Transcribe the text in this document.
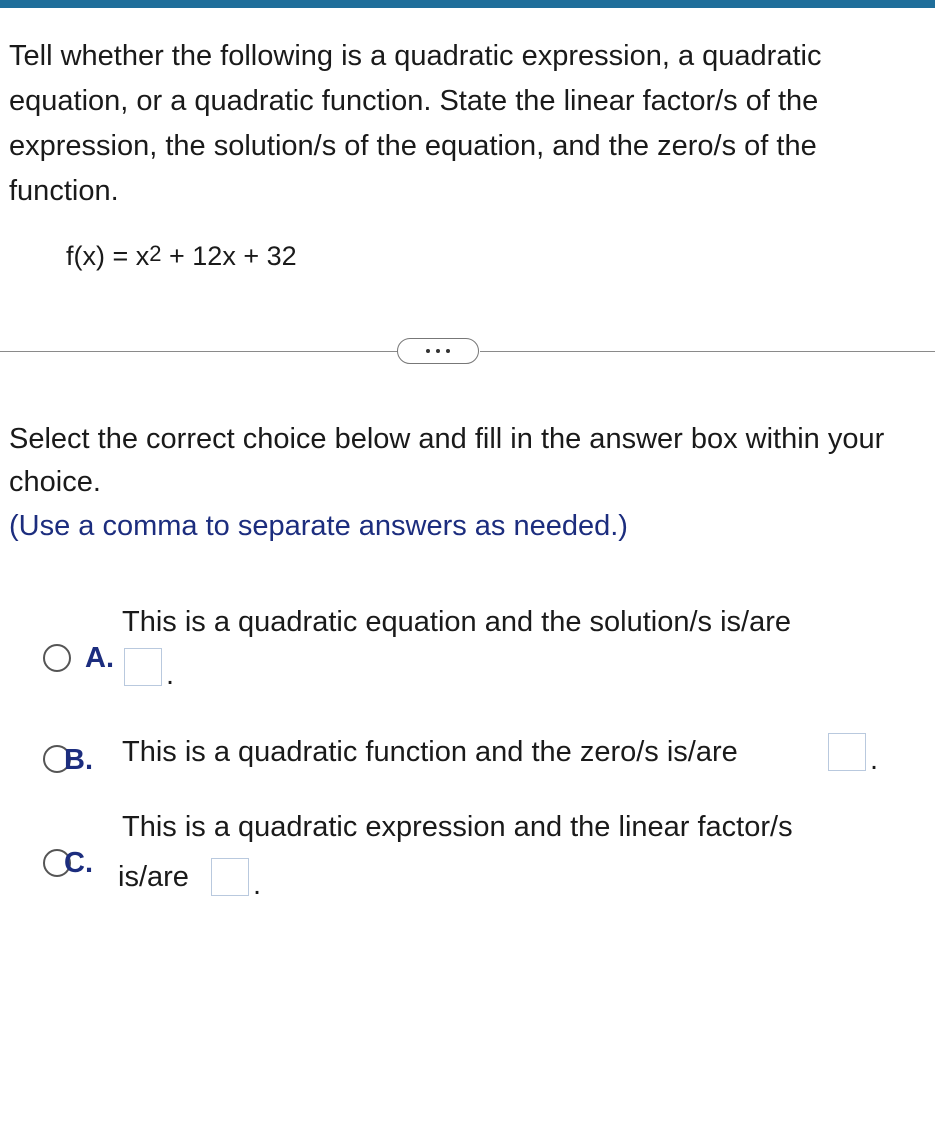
Tell whether the following is a quadratic expression, a quadratic equation, or a quadratic function. State the linear factor/s of the expression, the solution/s of the equation, and the zero/s of the function.
$f(x) = x^2 + 12x + 32$
Select the correct choice below and fill in the answer box within your choice.
(Use a comma to separate answers as needed.)
A.
This is a quadratic equation and the solution/s is/are
.
B. This is a quadratic function and the zero/s is/are	.
C.
This is a quadratic expression and the linear factor/s
is/are .
